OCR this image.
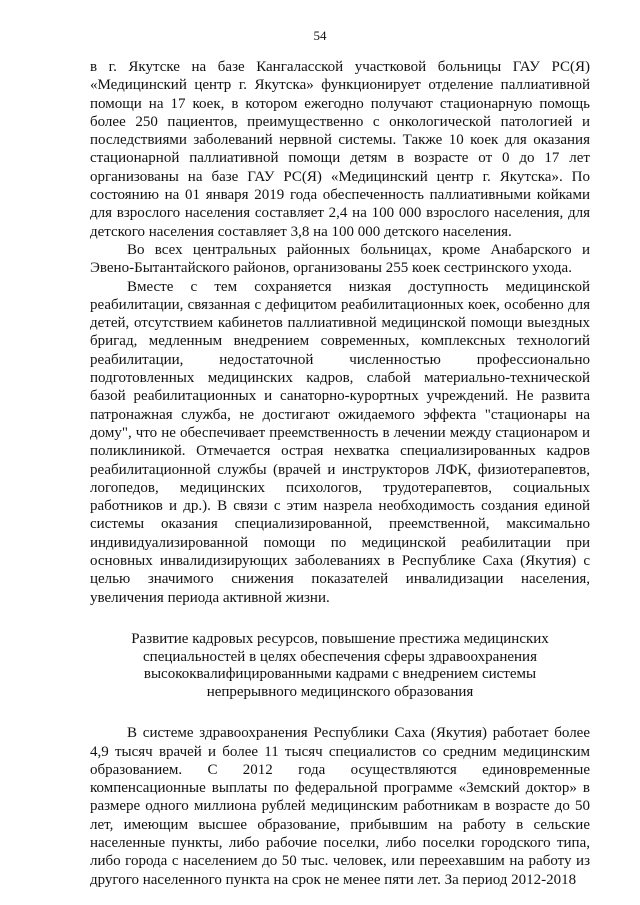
54

в г. Якутске на базе Кангаласской участковой больницы ГАУ РС(Я) «Медицинский центр г. Якутска» функционирует отделение паллиативной помощи на 17 коек, в котором ежегодно получают стационарную помощь более 250 пациентов, преимущественно с онкологической патологией и последствиями заболеваний нервной системы. Также 10 коек для оказания стационарной паллиативной помощи детям в возрасте от 0 до 17 лет организованы на базе ГАУ РС(Я) «Медицинский центр г. Якутска». По состоянию на 01 января 2019 года обеспеченность паллиативными койками для взрослого населения составляет 2,4 на 100 000 взрослого населения, для детского населения составляет 3,8 на 100 000 детского населения.

Во всех центральных районных больницах, кроме Анабарского и Эвено-Бытантайского районов, организованы 255 коек сестринского ухода.

Вместе с тем сохраняется низкая доступность медицинской реабилитации, связанная с дефицитом реабилитационных коек, особенно для детей, отсутствием кабинетов паллиативной медицинской помощи выездных бригад, медленным внедрением современных, комплексных технологий реабилитации, недостаточной численностью профессионально подготовленных медицинских кадров, слабой материально-технической базой реабилитационных и санаторно-курортных учреждений. Не развита патронажная служба, не достигают ожидаемого эффекта "стационары на дому", что не обеспечивает преемственность в лечении между стационаром и поликлиникой. Отмечается острая нехватка специализированных кадров реабилитационной службы (врачей и инструкторов ЛФК, физиотерапевтов, логопедов, медицинских психологов, трудотерапевтов, социальных работников и др.). В связи с этим назрела необходимость создания единой системы оказания специализированной, преемственной, максимально индивидуализированной помощи по медицинской реабилитации при основных инвалидизирующих заболеваниях в Республике Саха (Якутия) с целью значимого снижения показателей инвалидизации населения, увеличения периода активной жизни.

Развитие кадровых ресурсов, повышение престижа медицинских специальностей в целях обеспечения сферы здравоохранения высококвалифицированными кадрами с внедрением системы непрерывного медицинского образования

В системе здравоохранения Республики Саха (Якутия) работает более 4,9 тысяч врачей и более 11 тысяч специалистов со средним медицинским образованием. С 2012 года осуществляются единовременные компенсационные выплаты по федеральной программе «Земский доктор» в размере одного миллиона рублей медицинским работникам в возрасте до 50 лет, имеющим высшее образование, прибывшим на работу в сельские населенные пункты, либо рабочие поселки, либо поселки городского типа, либо города с населением до 50 тыс. человек, или переехавшим на работу из другого населенного пункта на срок не менее пяти лет. За период 2012-2018
